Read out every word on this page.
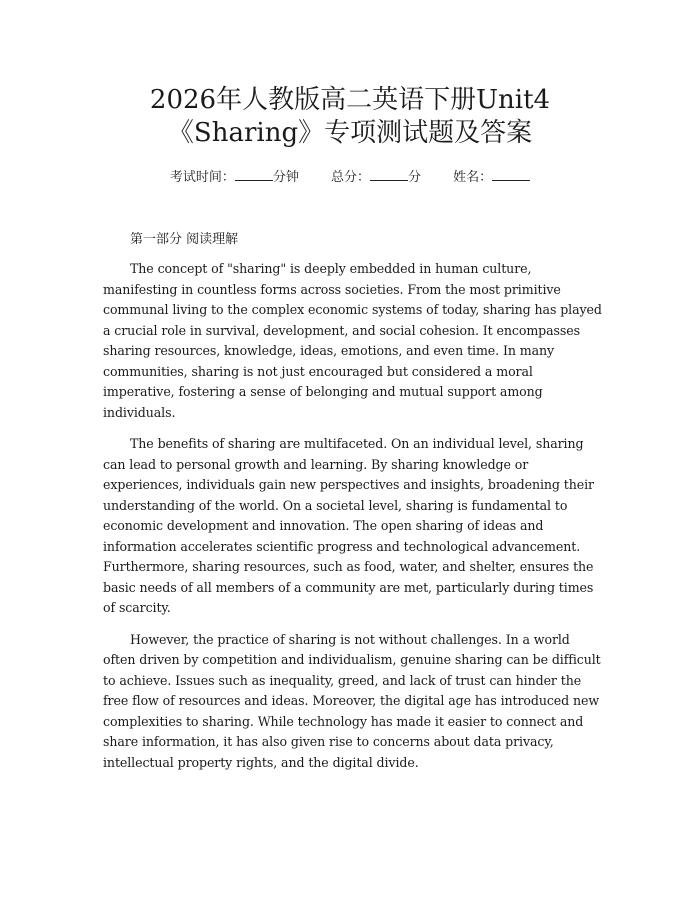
2026年人教版高二英语下册Unit4
《Sharing》专项测试题及答案
考试时间：	分钟 总分：	分 姓名：
第一部分 阅读理解

The concept of "sharing" is deeply embedded in human culture, manifesting in countless forms across societies. From the most primitive communal living to the complex economic systems of today, sharing has played a crucial role in survival, development, and social cohesion. It encompasses sharing resources, knowledge, ideas, emotions, and even time. In many communities, sharing is not just encouraged but considered a moral imperative, fostering a sense of belonging and mutual support among individuals.

The benefits of sharing are multifaceted. On an individual level, sharing can lead to personal growth and learning. By sharing knowledge or experiences, individuals gain new perspectives and insights, broadening their understanding of the world. On a societal level, sharing is fundamental to economic development and innovation. The open sharing of ideas and information accelerates scientific progress and technological advancement. Furthermore, sharing resources, such as food, water, and shelter, ensures the basic needs of all members of a community are met, particularly during times of scarcity.

However, the practice of sharing is not without challenges. In a world often driven by competition and individualism, genuine sharing can be difficult to achieve. Issues such as inequality, greed, and lack of trust can hinder the free flow of resources and ideas. Moreover, the digital age has introduced new complexities to sharing. While technology has made it easier to connect and share information, it has also given rise to concerns about data privacy, intellectual property rights, and the digital divide.
